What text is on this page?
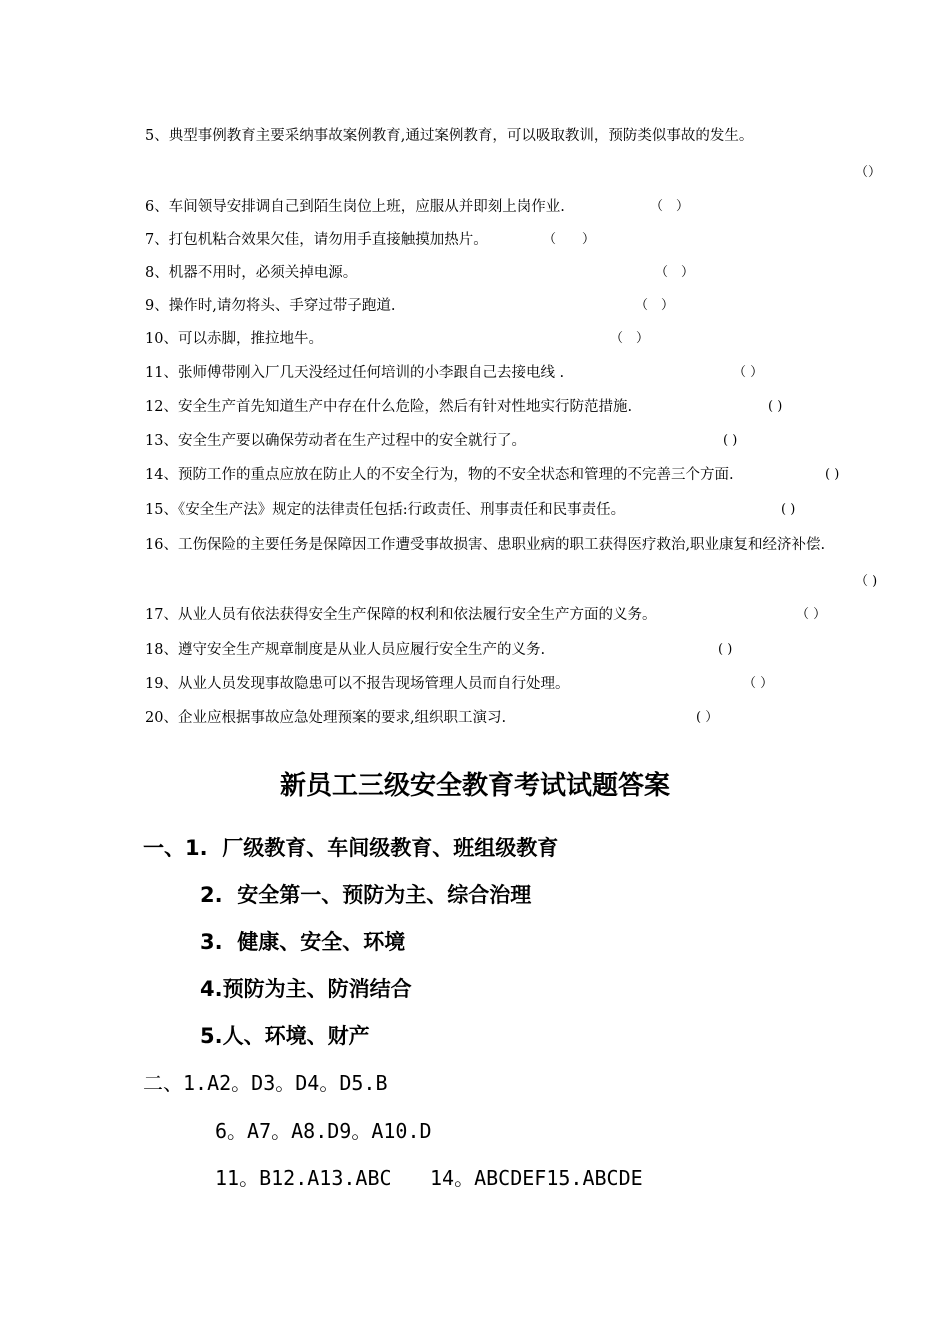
5、典型事例教育主要采纳事故案例教育,通过案例教育，可以吸取教训，预防类似事故的发生。
（）
6、车间领导安排调自己到陌生岗位上班，应服从并即刻上岗作业.	（　）
7、打包机粘合效果欠佳，请勿用手直接触摸加热片。	（　　）
8、机器不用时，必须关掉电源。	（　）
9、操作时,请勿将头、手穿过带子跑道.	（　）
10、可以赤脚，推拉地牛。	（　）
11、张师傅带刚入厂几天没经过任何培训的小李跟自己去接电线 .	（ ）
12、安全生产首先知道生产中存在什么危险，然后有针对性地实行防范措施.	( )
13、安全生产要以确保劳动者在生产过程中的安全就行了。	( )
14、预防工作的重点应放在防止人的不安全行为，物的不安全状态和管理的不完善三个方面.	( )
15、《安全生产法》规定的法律责任包括:行政责任、刑事责任和民事责任。	( )
16、工伤保险的主要任务是保障因工作遭受事故损害、患职业病的职工获得医疗救治,职业康复和经济补偿.
（ )
17、从业人员有依法获得安全生产保障的权利和依法履行安全生产方面的义务。	（ ）
18、遵守安全生产规章制度是从业人员应履行安全生产的义务.	( )
19、从业人员发现事故隐患可以不报告现场管理人员而自行处理。	（ ）
20、企业应根据事故应急处理预案的要求,组织职工演习.	( ）
新员工三级安全教育考试试题答案
一、1.  厂级教育、车间级教育、班组级教育
2.  安全第一、预防为主、综合治理
3.  健康、安全、环境
4.预防为主、防消结合
5.人、环境、财产
二、1.A2。D3。D4。D5.B
6。A7。A8.D9。A10.D
11。B12.A13.ABC 14。ABCDEF15.ABCDE
